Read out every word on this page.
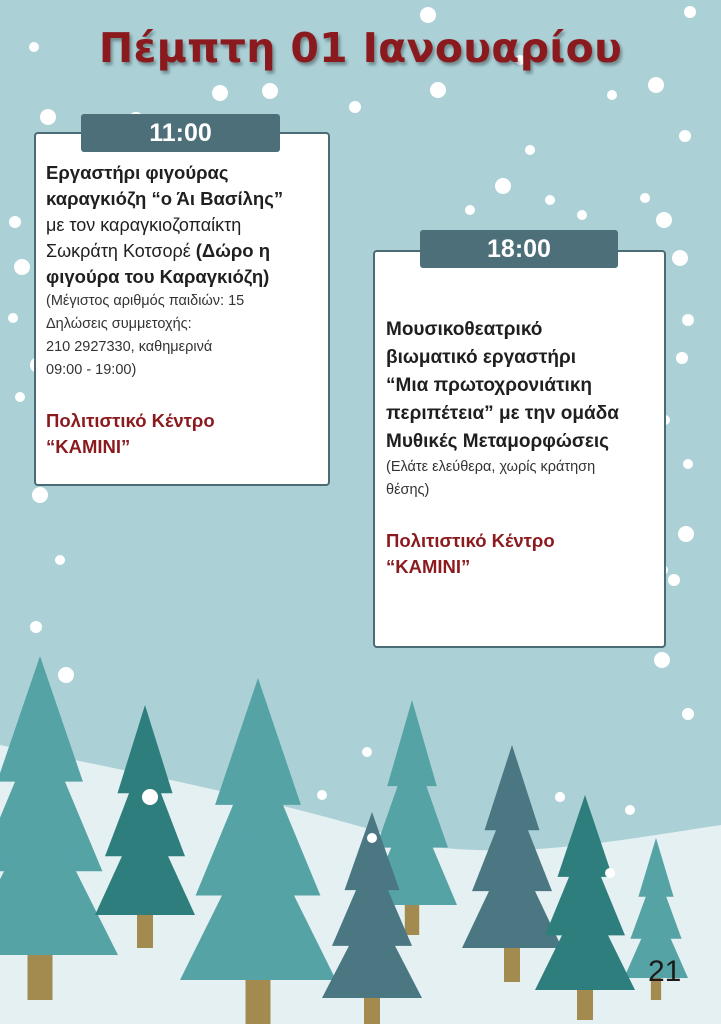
Πέμπτη 01 Ιανουαρίου
Εργαστήρι φιγούρας
καραγκιόζη “ο Άι Βασίλης”
με τον καραγκιοζοπαίκτη
Σωκράτη Κοτσορέ (Δώρο η
φιγούρα του Καραγκιόζη)
(Μέγιστος αριθμός παιδιών: 15
Δηλώσεις συμμετοχής:
210 2927330, καθημερινά
09:00 - 19:00)
Πολιτιστικό Κέντρο
“ΚΑΜΙΝΙ”
11:00
Μουσικοθεατρικό
βιωματικό εργαστήρι
“Μια πρωτοχρονιάτικη
περιπέτεια” με την ομάδα
Μυθικές Μεταμορφώσεις
(Ελάτε ελεύθερα, χωρίς κράτηση
θέσης)
Πολιτιστικό Κέντρο
“ΚΑΜΙΝΙ”
18:00
21
